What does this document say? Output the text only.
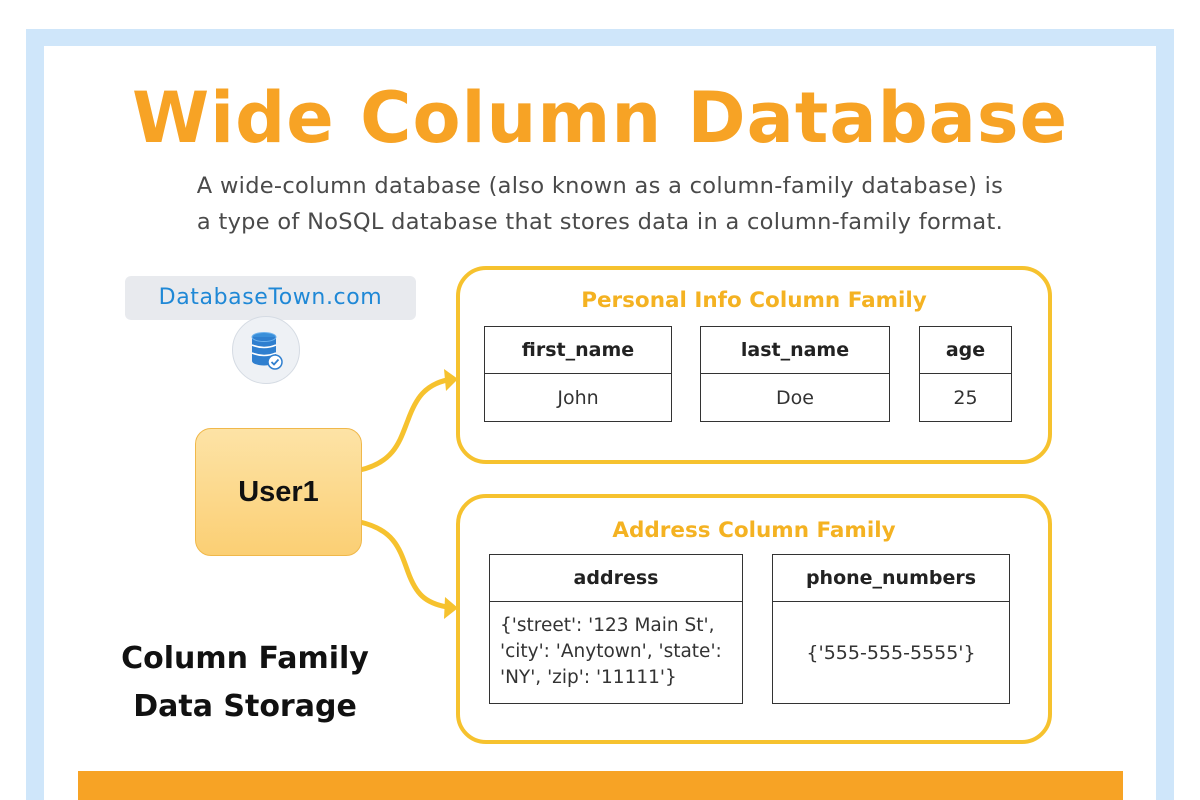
Wide Column Database
A wide-column database (also known as a column-family database) is
a type of NoSQL database that stores data in a column-family format.
DatabaseTown.com
User1
Personal Info Column Family
first_name
John
last_name
Doe
age
25
Address Column Family
address
{'street': '123 Main St',
'city': 'Anytown', 'state':
'NY', 'zip': '11111'}
phone_numbers
{'555-555-5555'}
Column Family
Data Storage
